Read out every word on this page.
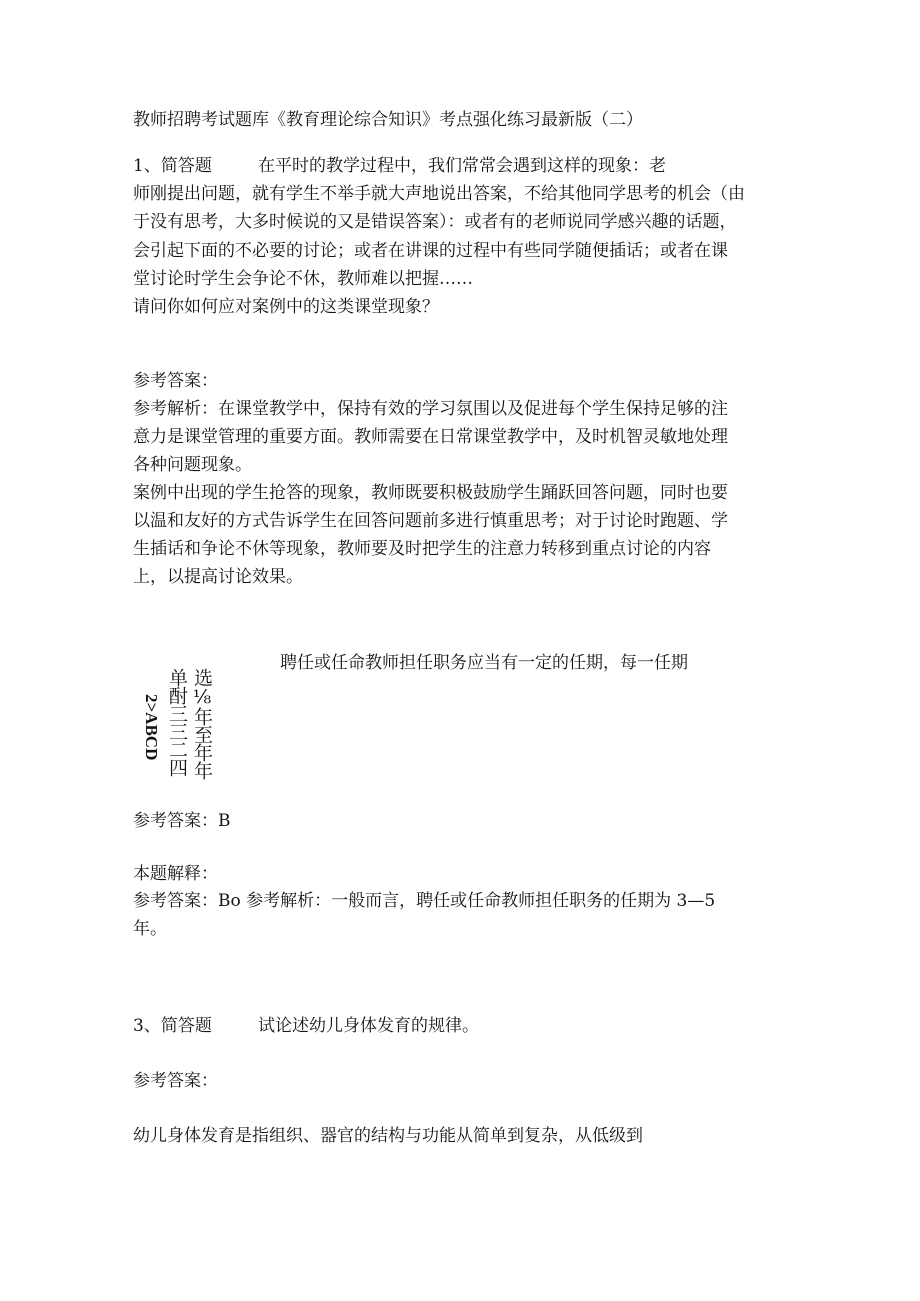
教师招聘考试题库《教育理论综合知识》考点强化练习最新版（二）
1、简答题	在平时的教学过程中，我们常常会遇到这样的现象：老
师刚提出问题，就有学生不举手就大声地说出答案，不给其他同学思考的机会（由
于没有思考，大多时候说的又是错误答案）：或者有的老师说同学感兴趣的话题，
会引起下面的不必要的讨论；或者在讲课的过程中有些同学随便插话；或者在课
堂讨论时学生会争论不休，教师难以把握……
请问你如何应对案例中的这类课堂现象？
参考答案：
参考解析：在课堂教学中，保持有效的学习氛围以及促进每个学生保持足够的注
意力是课堂管理的重要方面。教师需要在日常课堂教学中，及时机智灵敏地处理
各种问题现象。
案例中出现的学生抢答的现象，教师既要积极鼓励学生踊跃回答问题，同时也要
以温和友好的方式告诉学生在回答问题前多进行慎重思考；对于讨论时跑题、学
生插话和争论不休等现象，教师要及时把学生的注意力转移到重点讨论的内容
上，以提高讨论效果。
聘任或任命教师担任职务应当有一定的任期，每一任期
选⅛年至年年
单酎三三二四
2>ABCD
参考答案：B
本题解释：
参考答案：Bo 参考解析：一般而言，聘任或任命教师担任职务的任期为 3—5
年。
3、简答题	试论述幼儿身体发育的规律。
参考答案：
幼儿身体发育是指组织、器官的结构与功能从简单到复杂，从低级到
